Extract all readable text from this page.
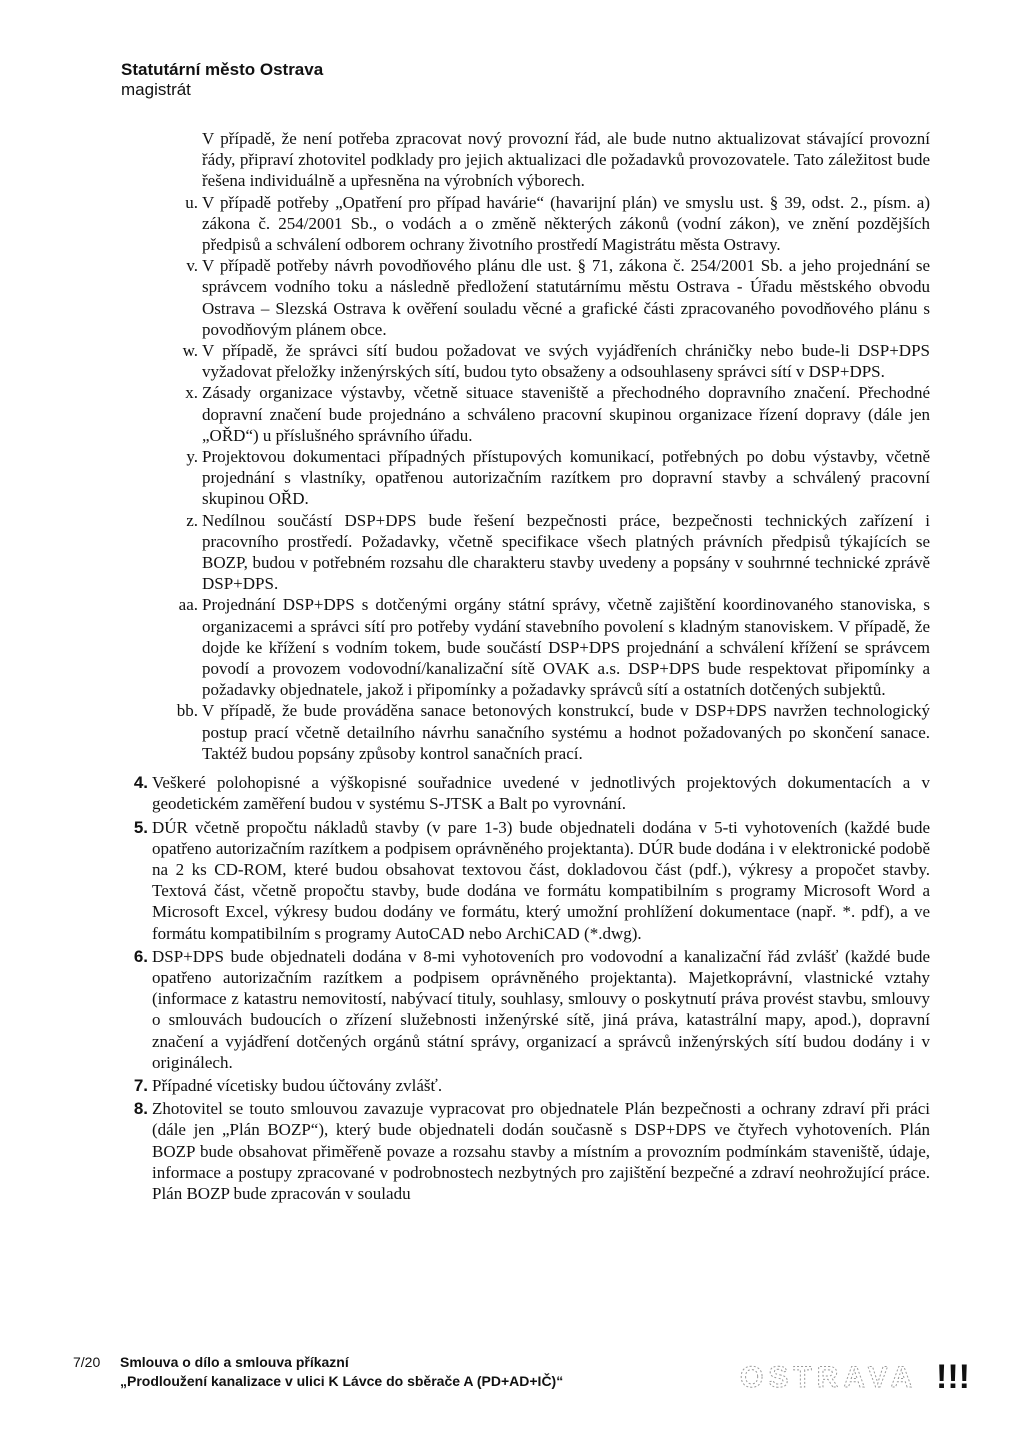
Statutární město Ostrava
magistrát

V případě, že není potřeba zpracovat nový provozní řád, ale bude nutno aktualizovat stávající provozní řády, připraví zhotovitel podklady pro jejich aktualizaci dle požadavků provozovatele. Tato záležitost bude řešena individuálně a upřesněna na výrobních výborech.

u. V případě potřeby „Opatření pro případ havárie“ (havarijní plán) ve smyslu ust. § 39, odst. 2., písm. a) zákona č. 254/2001 Sb., o vodách a o změně některých zákonů (vodní zákon), ve znění pozdějších předpisů a schválení odborem ochrany životního prostředí Magistrátu města Ostravy.
v. V případě potřeby návrh povodňového plánu dle ust. § 71, zákona č. 254/2001 Sb. a jeho projednání se správcem vodního toku a následně předložení statutárnímu městu Ostrava - Úřadu městského obvodu Ostrava – Slezská Ostrava k ověření souladu věcné a grafické části zpracovaného povodňového plánu s povodňovým plánem obce.
w. V případě, že správci sítí budou požadovat ve svých vyjádřeních chráničky nebo bude-li DSP+DPS vyžadovat přeložky inženýrských sítí, budou tyto obsaženy a odsouhlaseny správci sítí v DSP+DPS.
x. Zásady organizace výstavby, včetně situace staveniště a přechodného dopravního značení. Přechodné dopravní značení bude projednáno a schváleno pracovní skupinou organizace řízení dopravy (dále jen „OŘD“) u příslušného správního úřadu.
y. Projektovou dokumentaci případných přístupových komunikací, potřebných po dobu výstavby, včetně projednání s vlastníky, opatřenou autorizačním razítkem pro dopravní stavby a schválený pracovní skupinou OŘD.
z. Nedílnou součástí DSP+DPS bude řešení bezpečnosti práce, bezpečnosti technických zařízení i pracovního prostředí. Požadavky, včetně specifikace všech platných právních předpisů týkajících se BOZP, budou v potřebném rozsahu dle charakteru stavby uvedeny a popsány v souhrnné technické zprávě DSP+DPS.
aa. Projednání DSP+DPS s dotčenými orgány státní správy, včetně zajištění koordinovaného stanoviska, s organizacemi a správci sítí pro potřeby vydání stavebního povolení s kladným stanoviskem. V případě, že dojde ke křížení s vodním tokem, bude součástí DSP+DPS projednání a schválení křížení se správcem povodí a provozem vodovodní/kanalizační sítě OVAK a.s. DSP+DPS bude respektovat připomínky a požadavky objednatele, jakož i připomínky a požadavky správců sítí a ostatních dotčených subjektů.
bb. V případě, že bude prováděna sanace betonových konstrukcí, bude v DSP+DPS navržen technologický postup prací včetně detailního návrhu sanačního systému a hodnot požadovaných po skončení sanace. Taktéž budou popsány způsoby kontrol sanačních prací.
4. Veškeré polohopisné a výškopisné souřadnice uvedené v jednotlivých projektových dokumentacích a v geodetickém zaměření budou v systému S-JTSK a Balt po vyrovnání.
5. DÚR včetně propočtu nákladů stavby (v pare 1-3) bude objednateli dodána v 5-ti vyhotoveních (každé bude opatřeno autorizačním razítkem a podpisem oprávněného projektanta). DÚR bude dodána i v elektronické podobě na 2 ks CD-ROM, které budou obsahovat textovou část, dokladovou část (pdf.), výkresy a propočet stavby. Textová část, včetně propočtu stavby, bude dodána ve formátu kompatibilním s programy Microsoft Word a Microsoft Excel, výkresy budou dodány ve formátu, který umožní prohlížení dokumentace (např. *. pdf), a ve formátu kompatibilním s programy AutoCAD nebo ArchiCAD (*.dwg).
6. DSP+DPS bude objednateli dodána v 8-mi vyhotoveních pro vodovodní a kanalizační řád zvlášť (každé bude opatřeno autorizačním razítkem a podpisem oprávněného projektanta). Majetkoprávní, vlastnické vztahy (informace z katastru nemovitostí, nabývací tituly, souhlasy, smlouvy o poskytnutí práva provést stavbu, smlouvy o smlouvách budoucích o zřízení služebnosti inženýrské sítě, jiná práva, katastrální mapy, apod.), dopravní značení a vyjádření dotčených orgánů státní správy, organizací a správců inženýrských sítí budou dodány i v originálech.
7. Případné vícetisky budou účtovány zvlášť.
8. Zhotovitel se touto smlouvou zavazuje vypracovat pro objednatele Plán bezpečnosti a ochrany zdraví při práci (dále jen „Plán BOZP“), který bude objednateli dodán současně s DSP+DPS ve čtyřech vyhotoveních. Plán BOZP bude obsahovat přiměřeně povaze a rozsahu stavby a místním a provozním podmínkám staveniště, údaje, informace a postupy zpracované v podrobnostech nezbytných pro zajištění bezpečné a zdraví neohrožující práce. Plán BOZP bude zpracován v souladu
7/20	Smlouva o dílo a smlouva příkazní
„Prodloužení kanalizace v ulici K Lávce do sběrače A (PD+AD+IČ)“	OSTRAVA !!!
